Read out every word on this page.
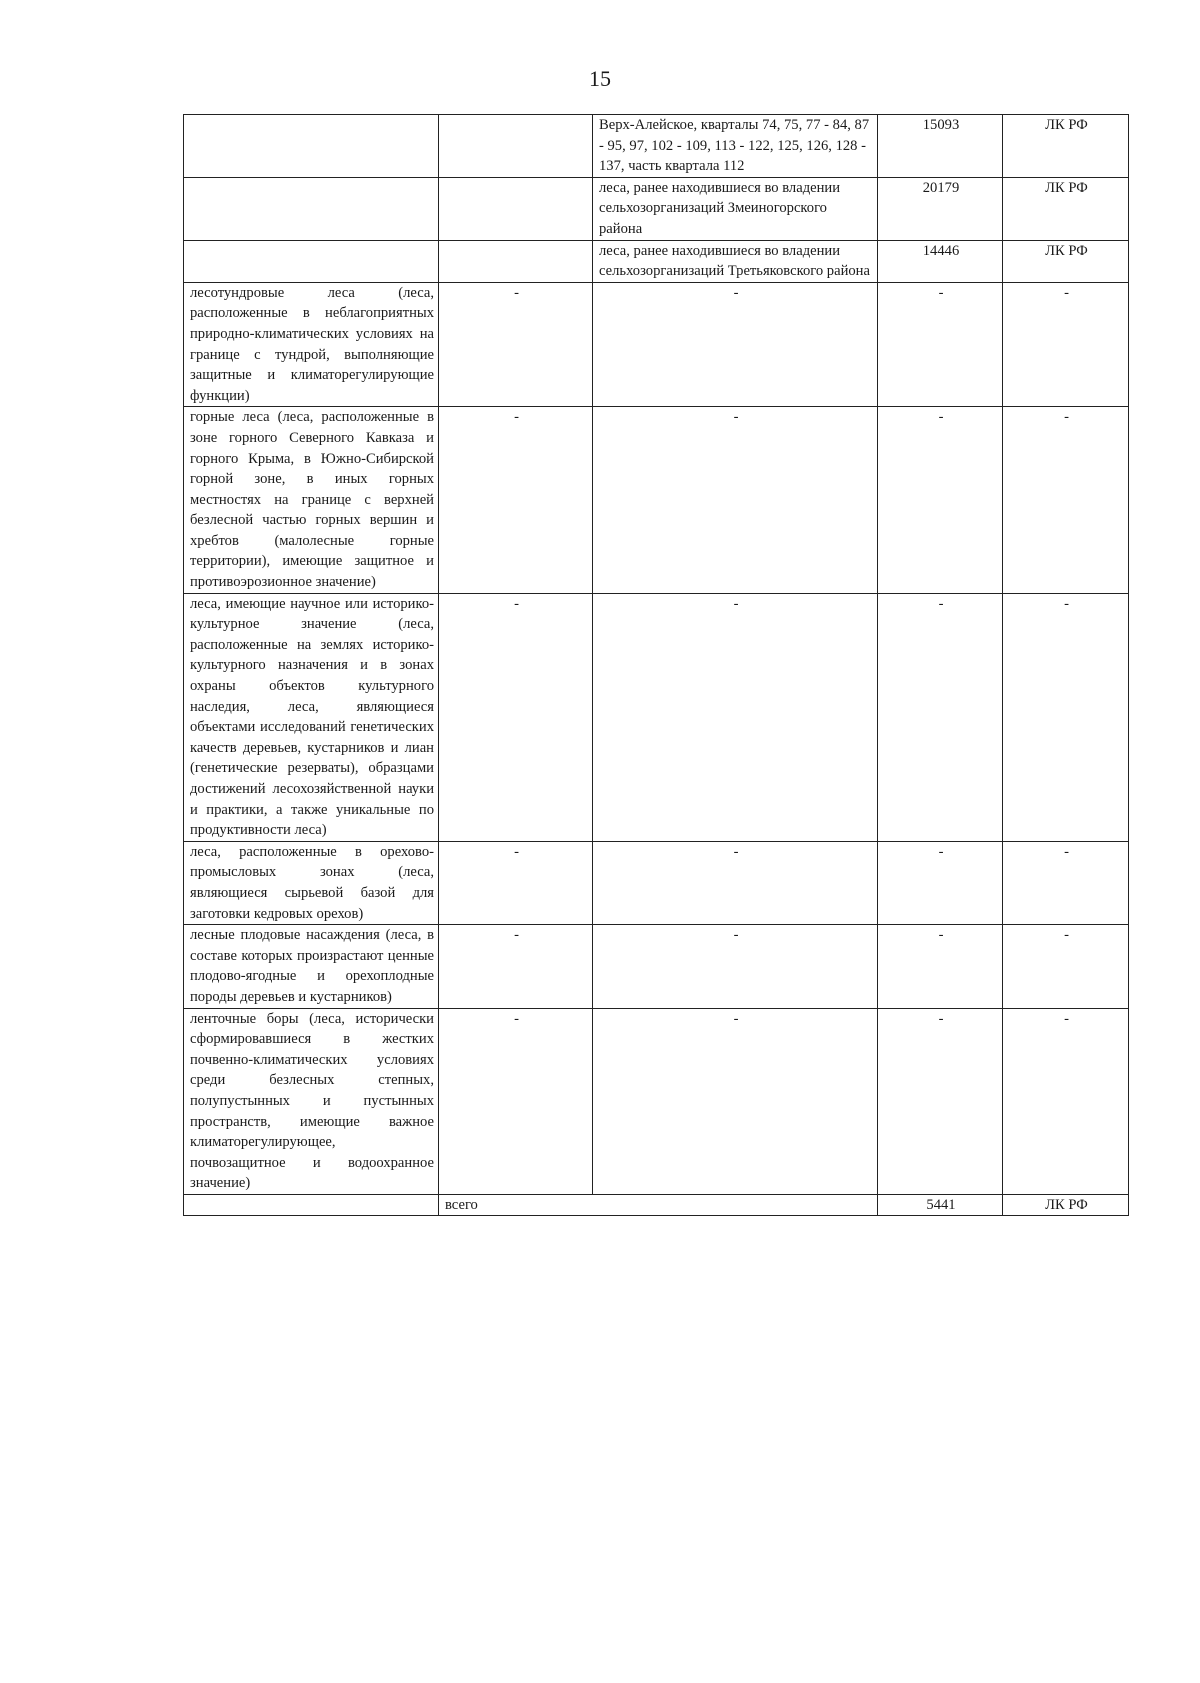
15
		Верх-Алейское, кварталы 74, 75, 77 - 84, 87 - 95, 97, 102 - 109, 113 - 122, 125, 126, 128 - 137, часть квартала 112	15093	ЛК РФ
		леса, ранее находившиеся во владении сельхозорганизаций Змеиногорского района	20179	ЛК РФ
		леса, ранее находившиеся во владении сельхозорганизаций Третьяковского района	14446	ЛК РФ
лесотундровые леса (леса, расположенные в неблагоприятных природно-климатических условиях на границе с тундрой, выполняющие защитные и климаторегулирующие функции)	-	-	-	-
горные леса (леса, расположенные в зоне горного Северного Кавказа и горного Крыма, в Южно-Сибирской горной зоне, в иных горных местностях на границе с верхней безлесной частью горных вершин и хребтов (малолесные горные территории), имеющие защитное и противоэрозионное значение)	-	-	-	-
леса, имеющие научное или историко-культурное значение (леса, расположенные на землях историко-культурного назначения и в зонах охраны объектов культурного наследия, леса, являющиеся объектами исследований генетических качеств деревьев, кустарников и лиан (генетические резерваты), образцами достижений лесохозяйственной науки и практики, а также уникальные по продуктивности леса)	-	-	-	-
леса, расположенные в орехово-промысловых зонах (леса, являющиеся сырьевой базой для заготовки кедровых орехов)	-	-	-	-
лесные плодовые насаждения (леса, в составе которых произрастают ценные плодово-ягодные и орехоплодные породы деревьев и кустарников)	-	-	-	-
ленточные боры (леса, исторически сформировавшиеся в жестких почвенно-климатических условиях среди безлесных степных, полупустынных и пустынных пространств, имеющие важное климаторегулирующее, почвозащитное и водоохранное значение)	-	-	-	-
	всего		5441	ЛК РФ
